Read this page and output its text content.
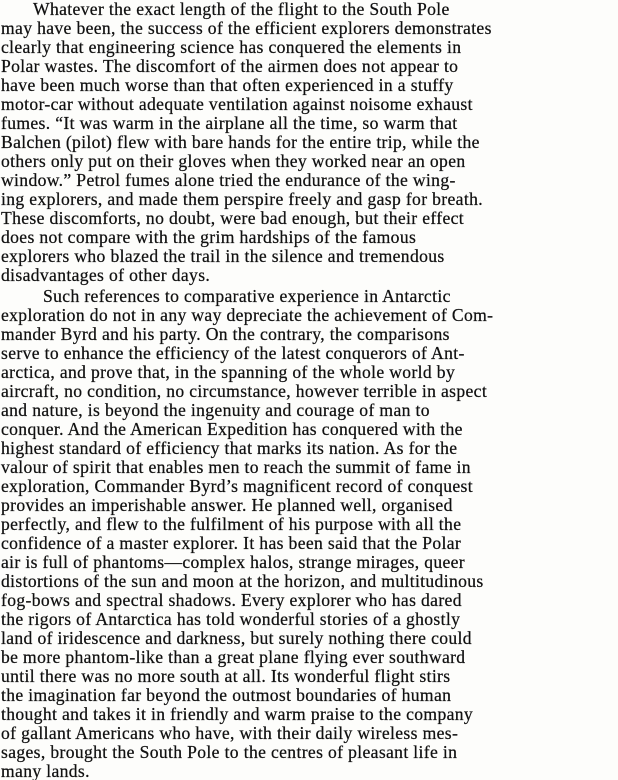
Whatever the exact length of the flight to the South Pole
may have been, the success of the efficient explorers demonstrates
clearly that engineering science has conquered the elements in
Polar wastes. The discomfort of the airmen does not appear to
have been much worse than that often experienced in a stuffy
motor-car without adequate ventilation against noisome exhaust
fumes. “It was warm in the airplane all the time, so warm that
Balchen (pilot) flew with bare hands for the entire trip, while the
others only put on their gloves when they worked near an open
window.” Petrol fumes alone tried the endurance of the wing-
ing explorers, and made them perspire freely and gasp for breath.
These discomforts, no doubt, were bad enough, but their effect
does not compare with the grim hardships of the famous
explorers who blazed the trail in the silence and tremendous
disadvantages of other days.
Such references to comparative experience in Antarctic
exploration do not in any way depreciate the achievement of Com-
mander Byrd and his party. On the contrary, the comparisons
serve to enhance the efficiency of the latest conquerors of Ant-
arctica, and prove that, in the spanning of the whole world by
aircraft, no condition, no circumstance, however terrible in aspect
and nature, is beyond the ingenuity and courage of man to
conquer. And the American Expedition has conquered with the
highest standard of efficiency that marks its nation. As for the
valour of spirit that enables men to reach the summit of fame in
exploration, Commander Byrd’s magnificent record of conquest
provides an imperishable answer. He planned well, organised
perfectly, and flew to the fulfilment of his purpose with all the
confidence of a master explorer. It has been said that the Polar
air is full of phantoms—complex halos, strange mirages, queer
distortions of the sun and moon at the horizon, and multitudinous
fog-bows and spectral shadows. Every explorer who has dared
the rigors of Antarctica has told wonderful stories of a ghostly
land of iridescence and darkness, but surely nothing there could
be more phantom-like than a great plane flying ever southward
until there was no more south at all. Its wonderful flight stirs
the imagination far beyond the outmost boundaries of human
thought and takes it in friendly and warm praise to the company
of gallant Americans who have, with their daily wireless mes-
sages, brought the South Pole to the centres of pleasant life in
many lands.
